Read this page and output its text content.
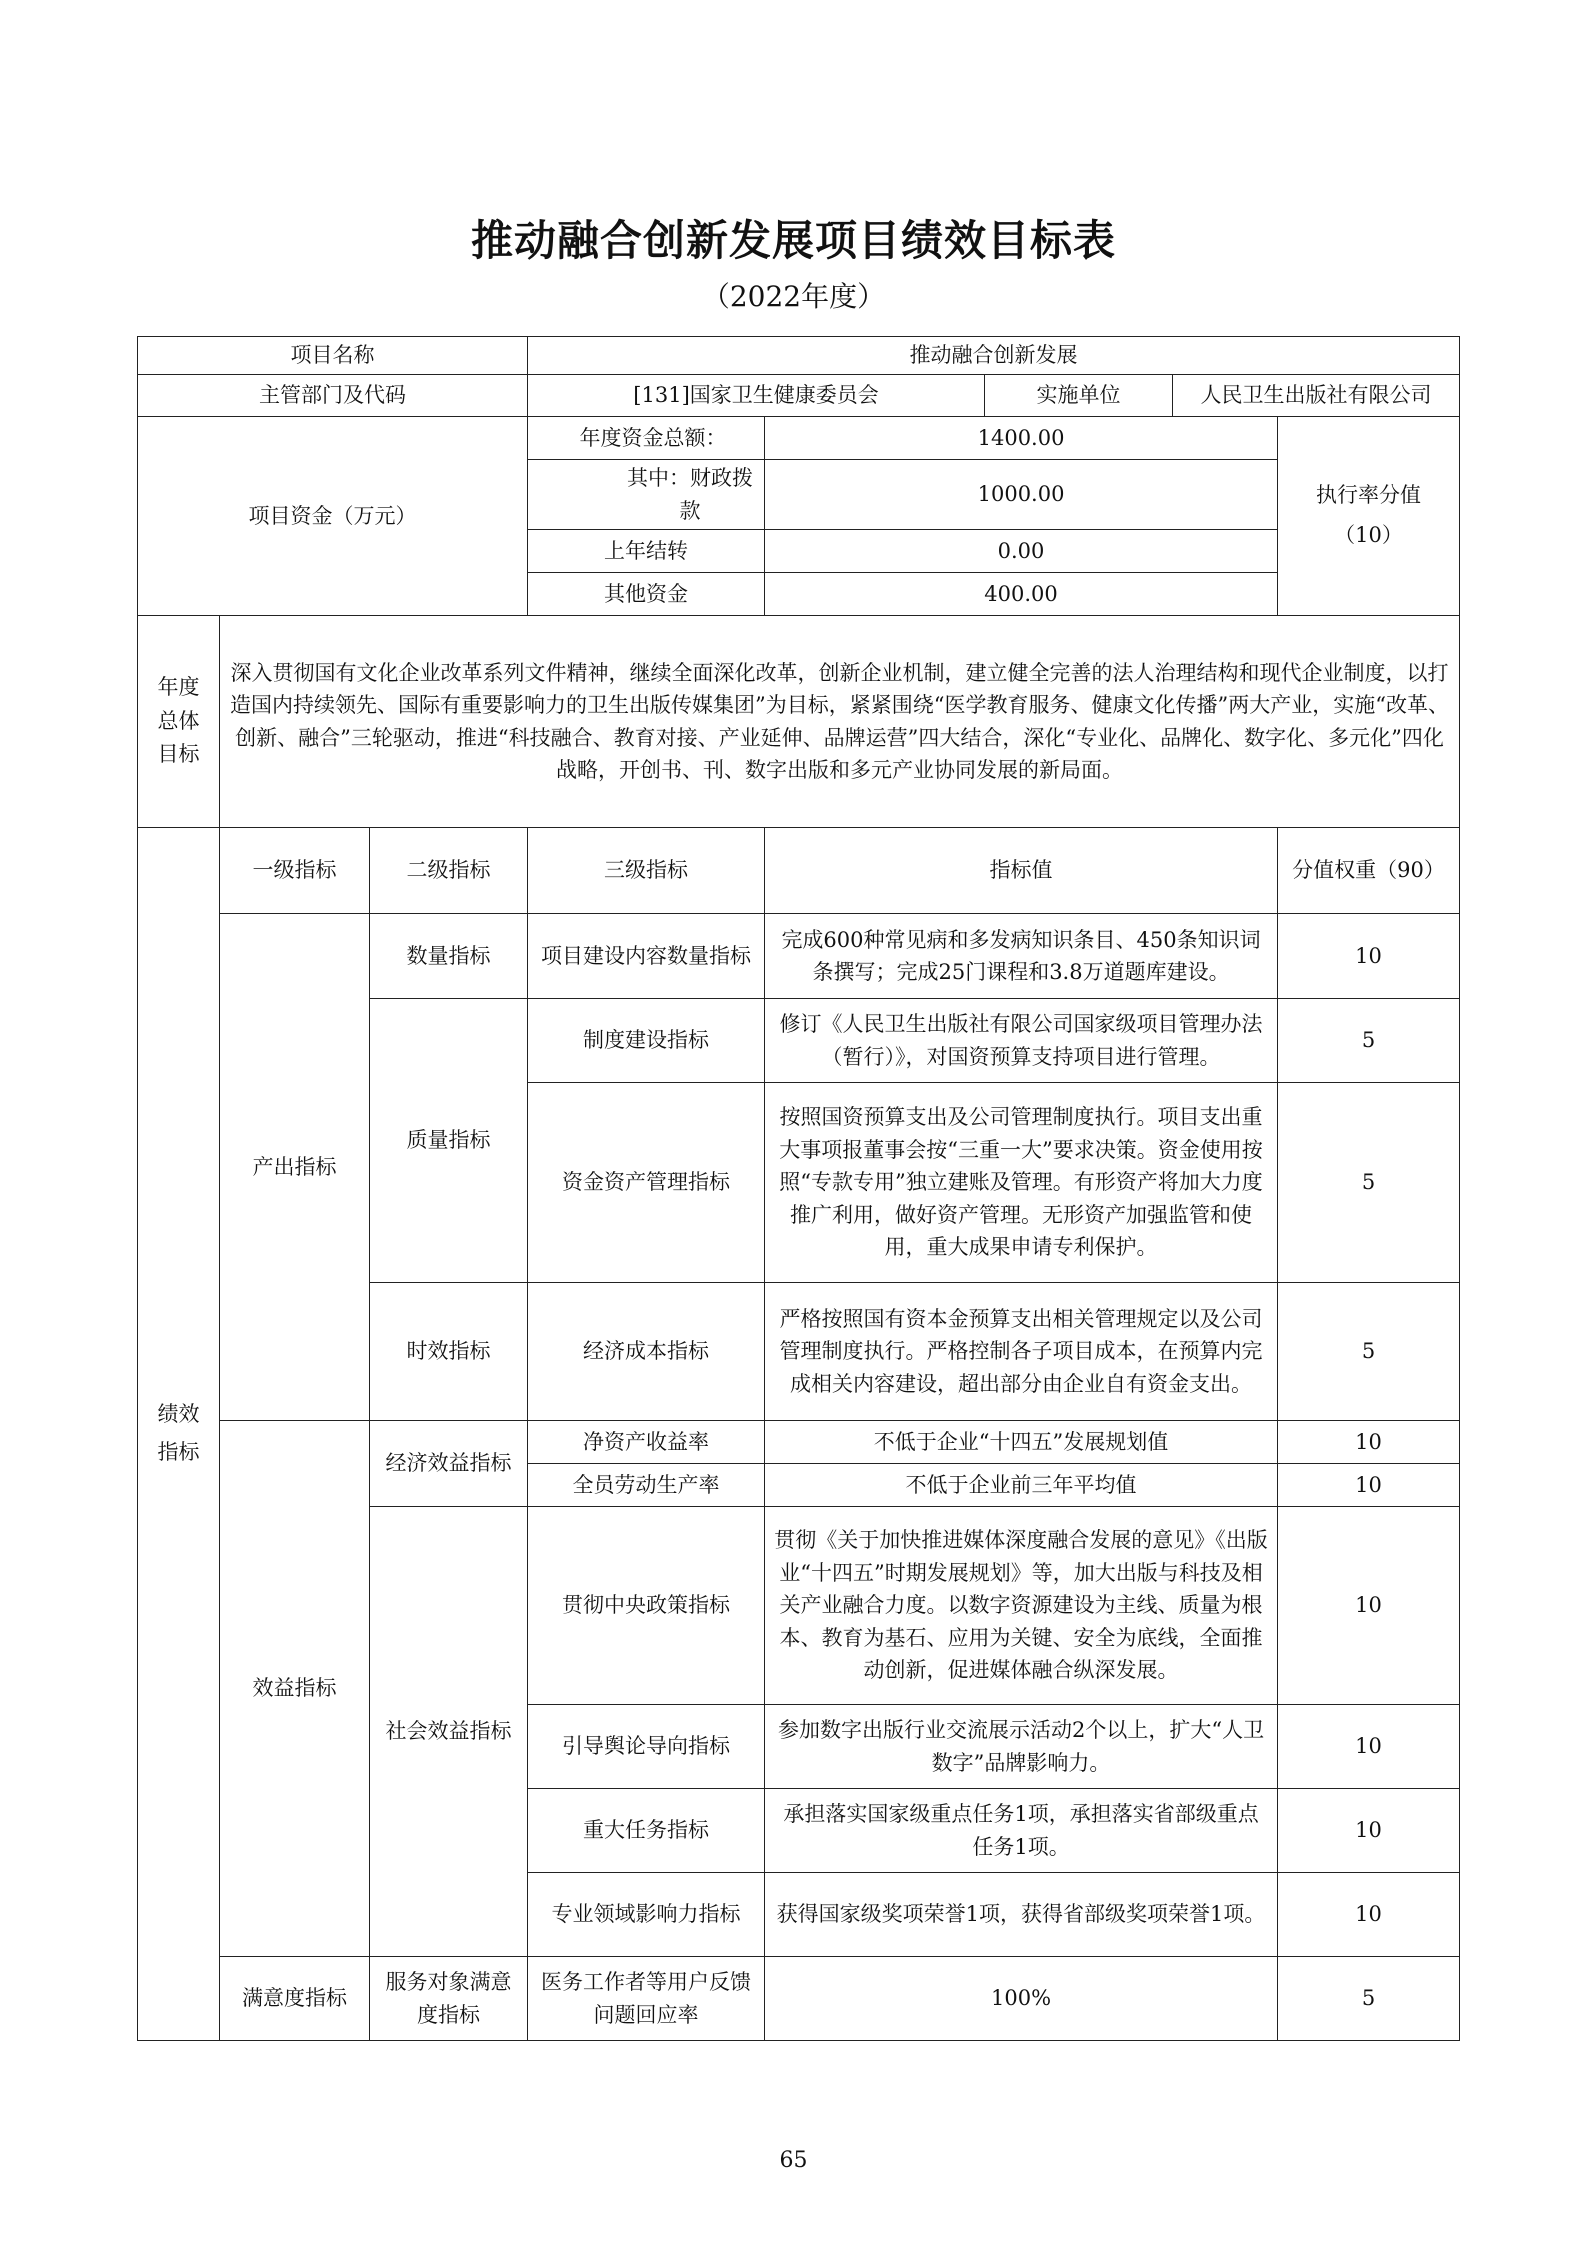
推动融合创新发展项目绩效目标表
（2022年度）
项目名称			推动融合创新发展				
主管部门及代码			[131]国家卫生健康委员会		实施单位	人民卫生出版社有限公司	
项目资金（万元）			年度资金总额：	1400.00			执行率分值
（10）

			其中：财政拨款	1000.00			
			上年结转	0.00			
			其他资金	400.00			
年度总体目标	深入贯彻国有文化企业改革系列文件精神，继续全面深化改革，创新企业机制，建立健全完善的法人治理结构和现代企业制度，以打造国内持续领先、国际有重要影响力的卫生出版传媒集团”为目标，紧紧围绕“医学教育服务、健康文化传播”两大产业，实施“改革、创新、融合”三轮驱动，推进“科技融合、教育对接、产业延伸、品牌运营”四大结合，深化“专业化、品牌化、数字化、多元化”四化战略，开创书、刊、数字出版和多元产业协同发展的新局面。						

绩效指标	一级指标	二级指标	三级指标	指标值			分值权重（90）
	产出指标	数量指标	项目建设内容数量指标	完成600种常见病和多发病知识条目、450条知识词条撰写；完成25门课程和3.8万道题库建设。			10
		质量指标	制度建设指标	修订《人民卫生出版社有限公司国家级项目管理办法（暂行）》，对国资预算支持项目进行管理。			5
			资金资产管理指标	按照国资预算支出及公司管理制度执行。项目支出重大事项报董事会按“三重一大”要求决策。资金使用按照“专款专用”独立建账及管理。有形资产将加大力度推广利用，做好资产管理。无形资产加强监管和使用，重大成果申请专利保护。			5
		时效指标	经济成本指标	严格按照国有资本金预算支出相关管理规定以及公司管理制度执行。严格控制各子项目成本，在预算内完成相关内容建设，超出部分由企业自有资金支出。			5
	效益指标	经济效益指标	净资产收益率	不低于企业“十四五”发展规划值			10
			全员劳动生产率	不低于企业前三年平均值			10
		社会效益指标	贯彻中央政策指标	贯彻《关于加快推进媒体深度融合发展的意见》《出版业“十四五”时期发展规划》等，加大出版与科技及相关产业融合力度。以数字资源建设为主线、质量为根本、教育为基石、应用为关键、安全为底线，全面推动创新，促进媒体融合纵深发展。			10
			引导舆论导向指标	参加数字出版行业交流展示活动2个以上，扩大“人卫数字”品牌影响力。			10
			重大任务指标	承担落实国家级重点任务1项，承担落实省部级重点任务1项。			10
			专业领域影响力指标	获得国家级奖项荣誉1项，获得省部级奖项荣誉1项。			10
	满意度指标	服务对象满意度指标	医务工作者等用户反馈问题回应率	100%			5
65
